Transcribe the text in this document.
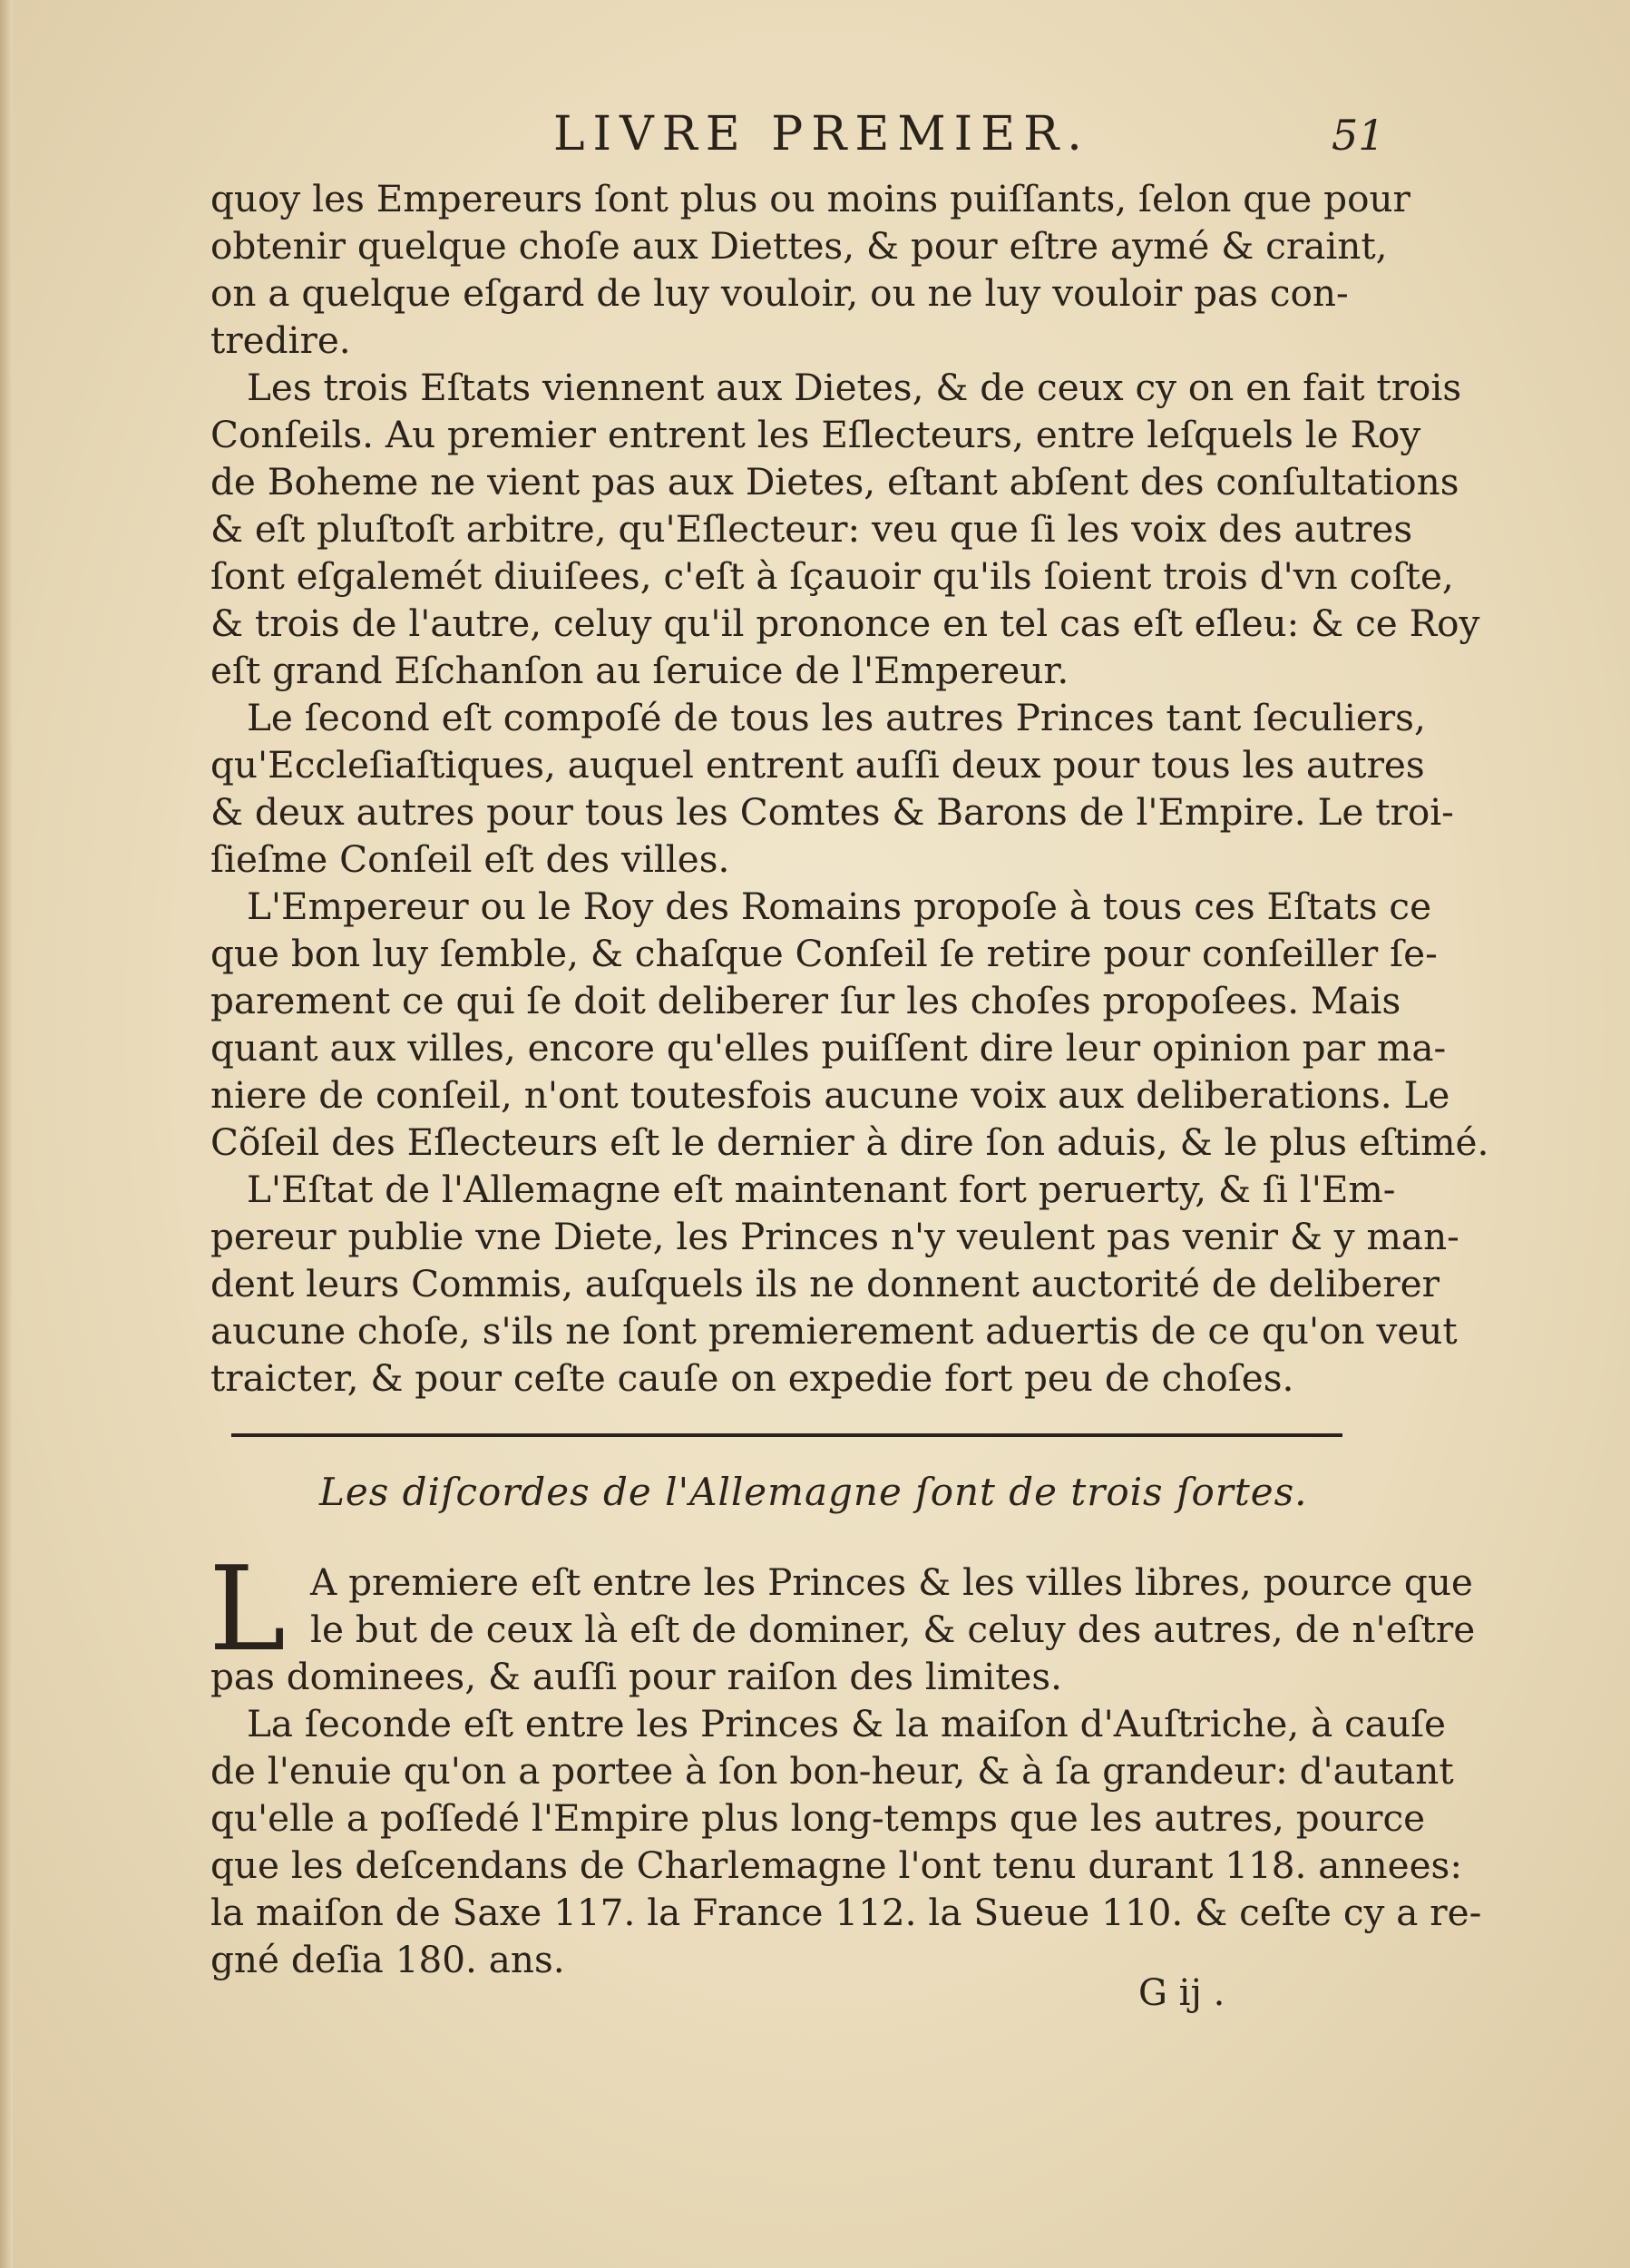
LIVRE PREMIER.	51
quoy les Empereurs ſont plus ou moins puiſſants, ſelon que pour
obtenir quelque choſe aux Diettes, & pour eſtre aymé & craint,
on a quelque eſgard de luy vouloir, ou ne luy vouloir pas con-
tredire.
Les trois Eſtats viennent aux Dietes, & de ceux cy on en fait trois
Conſeils. Au premier entrent les Eſlecteurs, entre leſquels le Roy
de Boheme ne vient pas aux Dietes, eſtant abſent des conſultations
& eſt pluſtoſt arbitre, qu'Eſlecteur: veu que ſi les voix des autres
ſont eſgalemét diuiſees, c'eſt à ſçauoir qu'ils ſoient trois d'vn coſte,
& trois de l'autre, celuy qu'il prononce en tel cas eſt eſleu: & ce Roy
eſt grand Eſchanſon au ſeruice de l'Empereur.
Le ſecond eſt compoſé de tous les autres Princes tant ſeculiers,
qu'Eccleſiaſtiques, auquel entrent auſſi deux pour tous les autres
& deux autres pour tous les Comtes & Barons de l'Empire. Le troi-
ſieſme Conſeil eſt des villes.
L'Empereur ou le Roy des Romains propoſe à tous ces Eſtats ce
que bon luy ſemble, & chaſque Conſeil ſe retire pour conſeiller ſe-
parement ce qui ſe doit deliberer ſur les choſes propoſees. Mais
quant aux villes, encore qu'elles puiſſent dire leur opinion par ma-
niere de conſeil, n'ont toutesfois aucune voix aux deliberations. Le
Cõſeil des Eſlecteurs eſt le dernier à dire ſon aduis, & le plus eſtimé.
L'Eſtat de l'Allemagne eſt maintenant fort peruerty, & ſi l'Em-
pereur publie vne Diete, les Princes n'y veulent pas venir & y man-
dent leurs Commis, auſquels ils ne donnent auctorité de deliberer
aucune choſe, s'ils ne ſont premierement aduertis de ce qu'on veut
traicter, & pour ceſte cauſe on expedie fort peu de choſes.
Les diſcordes de l'Allemagne ſont de trois ſortes.
L A premiere eſt entre les Princes & les villes libres, pource que
le but de ceux là eſt de dominer, & celuy des autres, de n'eſtre
pas dominees, & auſſi pour raiſon des limites.
La ſeconde eſt entre les Princes & la maiſon d'Auſtriche, à cauſe
de l'enuie qu'on a portee à ſon bon-heur, & à ſa grandeur: d'autant
qu'elle a poſſedé l'Empire plus long-temps que les autres, pource
que les deſcendans de Charlemagne l'ont tenu durant 118. annees:
la maiſon de Saxe 117. la France 112. la Sueue 110. & ceſte cy a re-
gné deſia 180. ans.
G ij .
